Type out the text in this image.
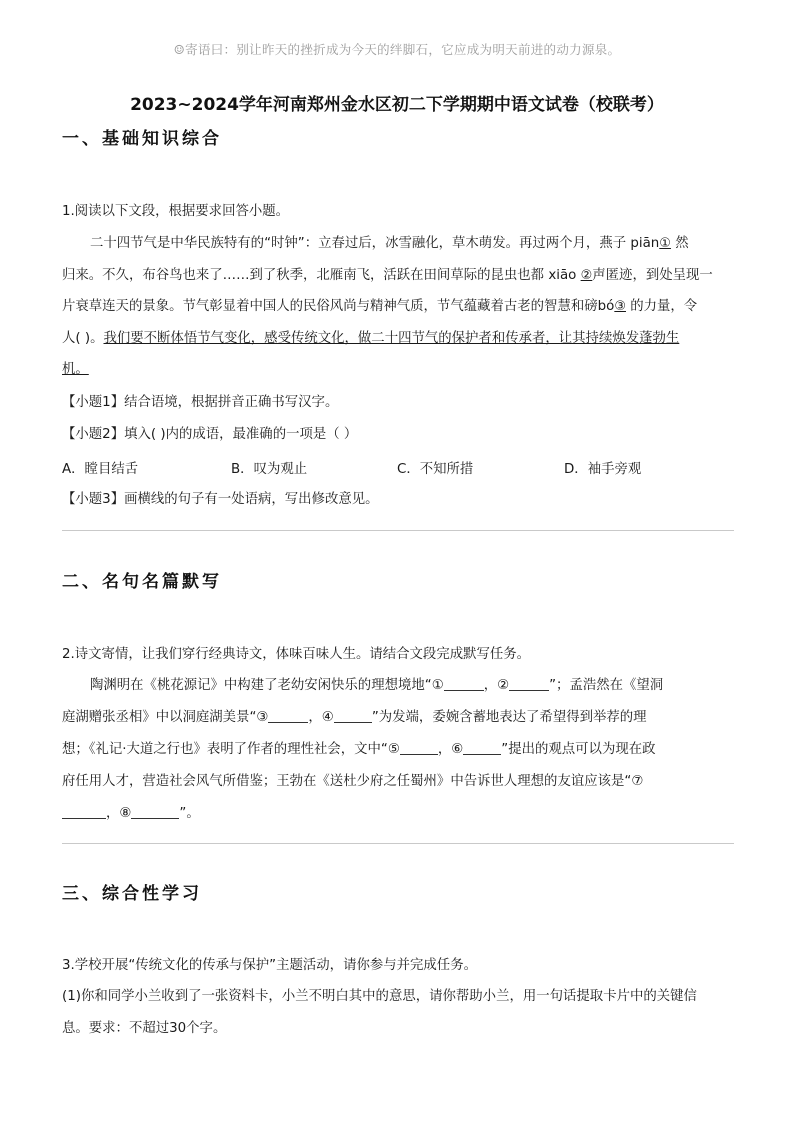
☺寄语曰：别让昨天的挫折成为今天的绊脚石，它应成为明天前进的动力源泉。
2023~2024学年河南郑州金水区初二下学期期中语文试卷（校联考）
一、基础知识综合
1.阅读以下文段，根据要求回答小题。
二十四节气是中华民族特有的“时钟”：立春过后，冰雪融化，草木萌发。再过两个月，燕子 piān① 然
归来。不久，布谷鸟也来了……到了秋季，北雁南飞，活跃在田间草际的昆虫也都 xiāo ②声匿迹，到处呈现一
片衰草连天的景象。节气彰显着中国人的民俗风尚与精神气质，节气蕴藏着古老的智慧和磅bó③ 的力量，令
人( )。我们要不断体悟节气变化，感受传统文化，做二十四节气的保护者和传承者，让其持续焕发蓬勃生
机。
【小题1】结合语境，根据拼音正确书写汉字。
【小题2】填入( )内的成语，最准确的一项是（ ）
A．瞠目结舌	B．叹为观止	C．不知所措	D．袖手旁观
【小题3】画横线的句子有一处语病，写出修改意见。
二、名句名篇默写
2.诗文寄情，让我们穿行经典诗文，体味百味人生。请结合文段完成默写任务。
陶渊明在《桃花源记》中构建了老幼安闲快乐的理想境地“①	，②	”；孟浩然在《望洞
庭湖赠张丞相》中以洞庭湖美景“③	，④	”为发端，委婉含蓄地表达了希望得到举荐的理
想；《礼记·大道之行也》表明了作者的理性社会，文中“⑤	，⑥	”提出的观点可以为现在政
府任用人才，营造社会风气所借鉴；王勃在《送杜少府之任蜀州》中告诉世人理想的友谊应该是“⑦
，⑧	”。
三、综合性学习
3.学校开展“传统文化的传承与保护”主题活动，请你参与并完成任务。
(1)你和同学小兰收到了一张资料卡，小兰不明白其中的意思，请你帮助小兰，用一句话提取卡片中的关键信
息。要求：不超过30个字。
